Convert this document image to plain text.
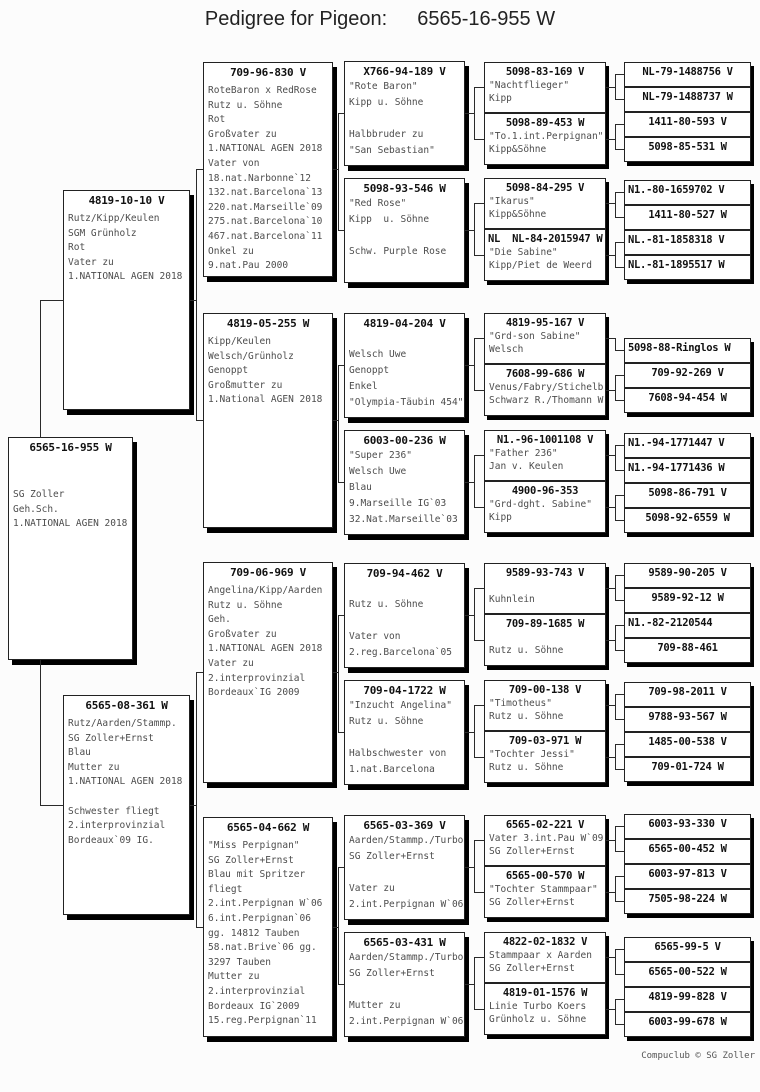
Pedigree for Pigeon: 6565-16-955 W
Compuclub © SG Zoller
6565-16-955 W
SG Zoller
Geh.Sch.
1.NATIONAL AGEN 2018
4819-10-10 V
Rutz/Kipp/Keulen
SGM Grünholz
Rot
Vater zu
1.NATIONAL AGEN 2018
6565-08-361 W
Rutz/Aarden/Stammp.
SG Zoller+Ernst
Blau
Mutter zu
1.NATIONAL AGEN 2018
Schwester fliegt
2.interprovinzial
Bordeaux`09 IG.
709-96-830 V
RoteBaron x RedRose
Rutz u. Söhne
Rot
Großvater zu
1.NATIONAL AGEN 2018
Vater von
18.nat.Narbonne`12
132.nat.Barcelona`13
220.nat.Marseille`09
275.nat.Barcelona`10
467.nat.Barcelona`11
Onkel zu
9.nat.Pau 2000
4819-05-255 W
Kipp/Keulen
Welsch/Grünholz
Genoppt
Großmutter zu
1.National AGEN 2018
709-06-969 V
Angelina/Kipp/Aarden
Rutz u. Söhne
Geh.
Großvater zu
1.NATIONAL AGEN 2018
Vater zu
2.interprovinzial
Bordeaux`IG 2009
6565-04-662 W
"Miss Perpignan"
SG Zoller+Ernst
Blau mit Spritzer
fliegt
2.int.Perpignan W`06
6.int.Perpignan`06
gg. 14812 Tauben
58.nat.Brive`06 gg.
3297 Tauben
Mutter zu
2.interprovinzial
Bordeaux IG`2009
15.reg.Perpignan`11
X766-94-189 V
"Rote Baron"
Kipp u. Söhne
Halbbruder zu
"San Sebastian"
5098-93-546 W
"Red Rose"
Kipp  u. Söhne
Schw. Purple Rose
4819-04-204 V
Welsch Uwe
Genoppt
Enkel
"Olympia-Täubin 454"
6003-00-236 W
"Super 236"
Welsch Uwe
Blau
9.Marseille IG`03
32.Nat.Marseille`03
709-94-462 V
Rutz u. Söhne
Vater von
2.reg.Barcelona`05
709-04-1722 W
"Inzucht Angelina"
Rutz u. Söhne
Halbschwester von
1.nat.Barcelona
6565-03-369 V
Aarden/Stammp./Turbo
SG Zoller+Ernst
Vater zu
2.int.Perpignan W`06
6565-03-431 W
Aarden/Stammp./Turbo
SG Zoller+Ernst
Mutter zu
2.int.Perpignan W`06
5098-83-169 V
"Nachtflieger"
Kipp
5098-89-453 W
"To.1.int.Perpignan"
Kipp&Söhne
5098-84-295 V
"Ikarus"
Kipp&Söhne
NL  NL-84-2015947 W
"Die Sabine"
Kipp/Piet de Weerd
4819-95-167 V
"Grd-son Sabine"
Welsch
7608-99-686 W
Venus/Fabry/Stichelb
Schwarz R./Thomann W
N1.-96-1001108 V
"Father 236"
Jan v. Keulen
4900-96-353
"Grd-dght. Sabine"
Kipp
9589-93-743 V
Kuhnlein
709-89-1685 W
Rutz u. Söhne
709-00-138 V
"Timotheus"
Rutz u. Söhne
709-03-971 W
"Tochter Jessi"
Rutz u. Söhne
6565-02-221 V
Vater 3.int.Pau W`09
SG Zoller+Ernst
6565-00-570 W
"Tochter Stammpaar"
SG Zoller+Ernst
4822-02-1832 V
Stammpaar x Aarden
SG Zoller+Ernst
4819-01-1576 W
Linie Turbo Koers
Grünholz u. Söhne
NL-79-1488756 V
NL-79-1488737 W
1411-80-593 V
5098-85-531 W
N1.-80-1659702 V
1411-80-527 W
NL.-81-1858318 V
NL.-81-1895517 W
5098-88-Ringlos W
709-92-269 V
7608-94-454 W
N1.-94-1771447 V
N1.-94-1771436 W
5098-86-791 V
5098-92-6559 W
9589-90-205 V
9589-92-12 W
N1.-82-2120544
709-88-461
709-98-2011 V
9788-93-567 W
1485-00-538 V
709-01-724 W
6003-93-330 V
6565-00-452 W
6003-97-813 V
7505-98-224 W
6565-99-5 V
6565-00-522 W
4819-99-828 V
6003-99-678 W
